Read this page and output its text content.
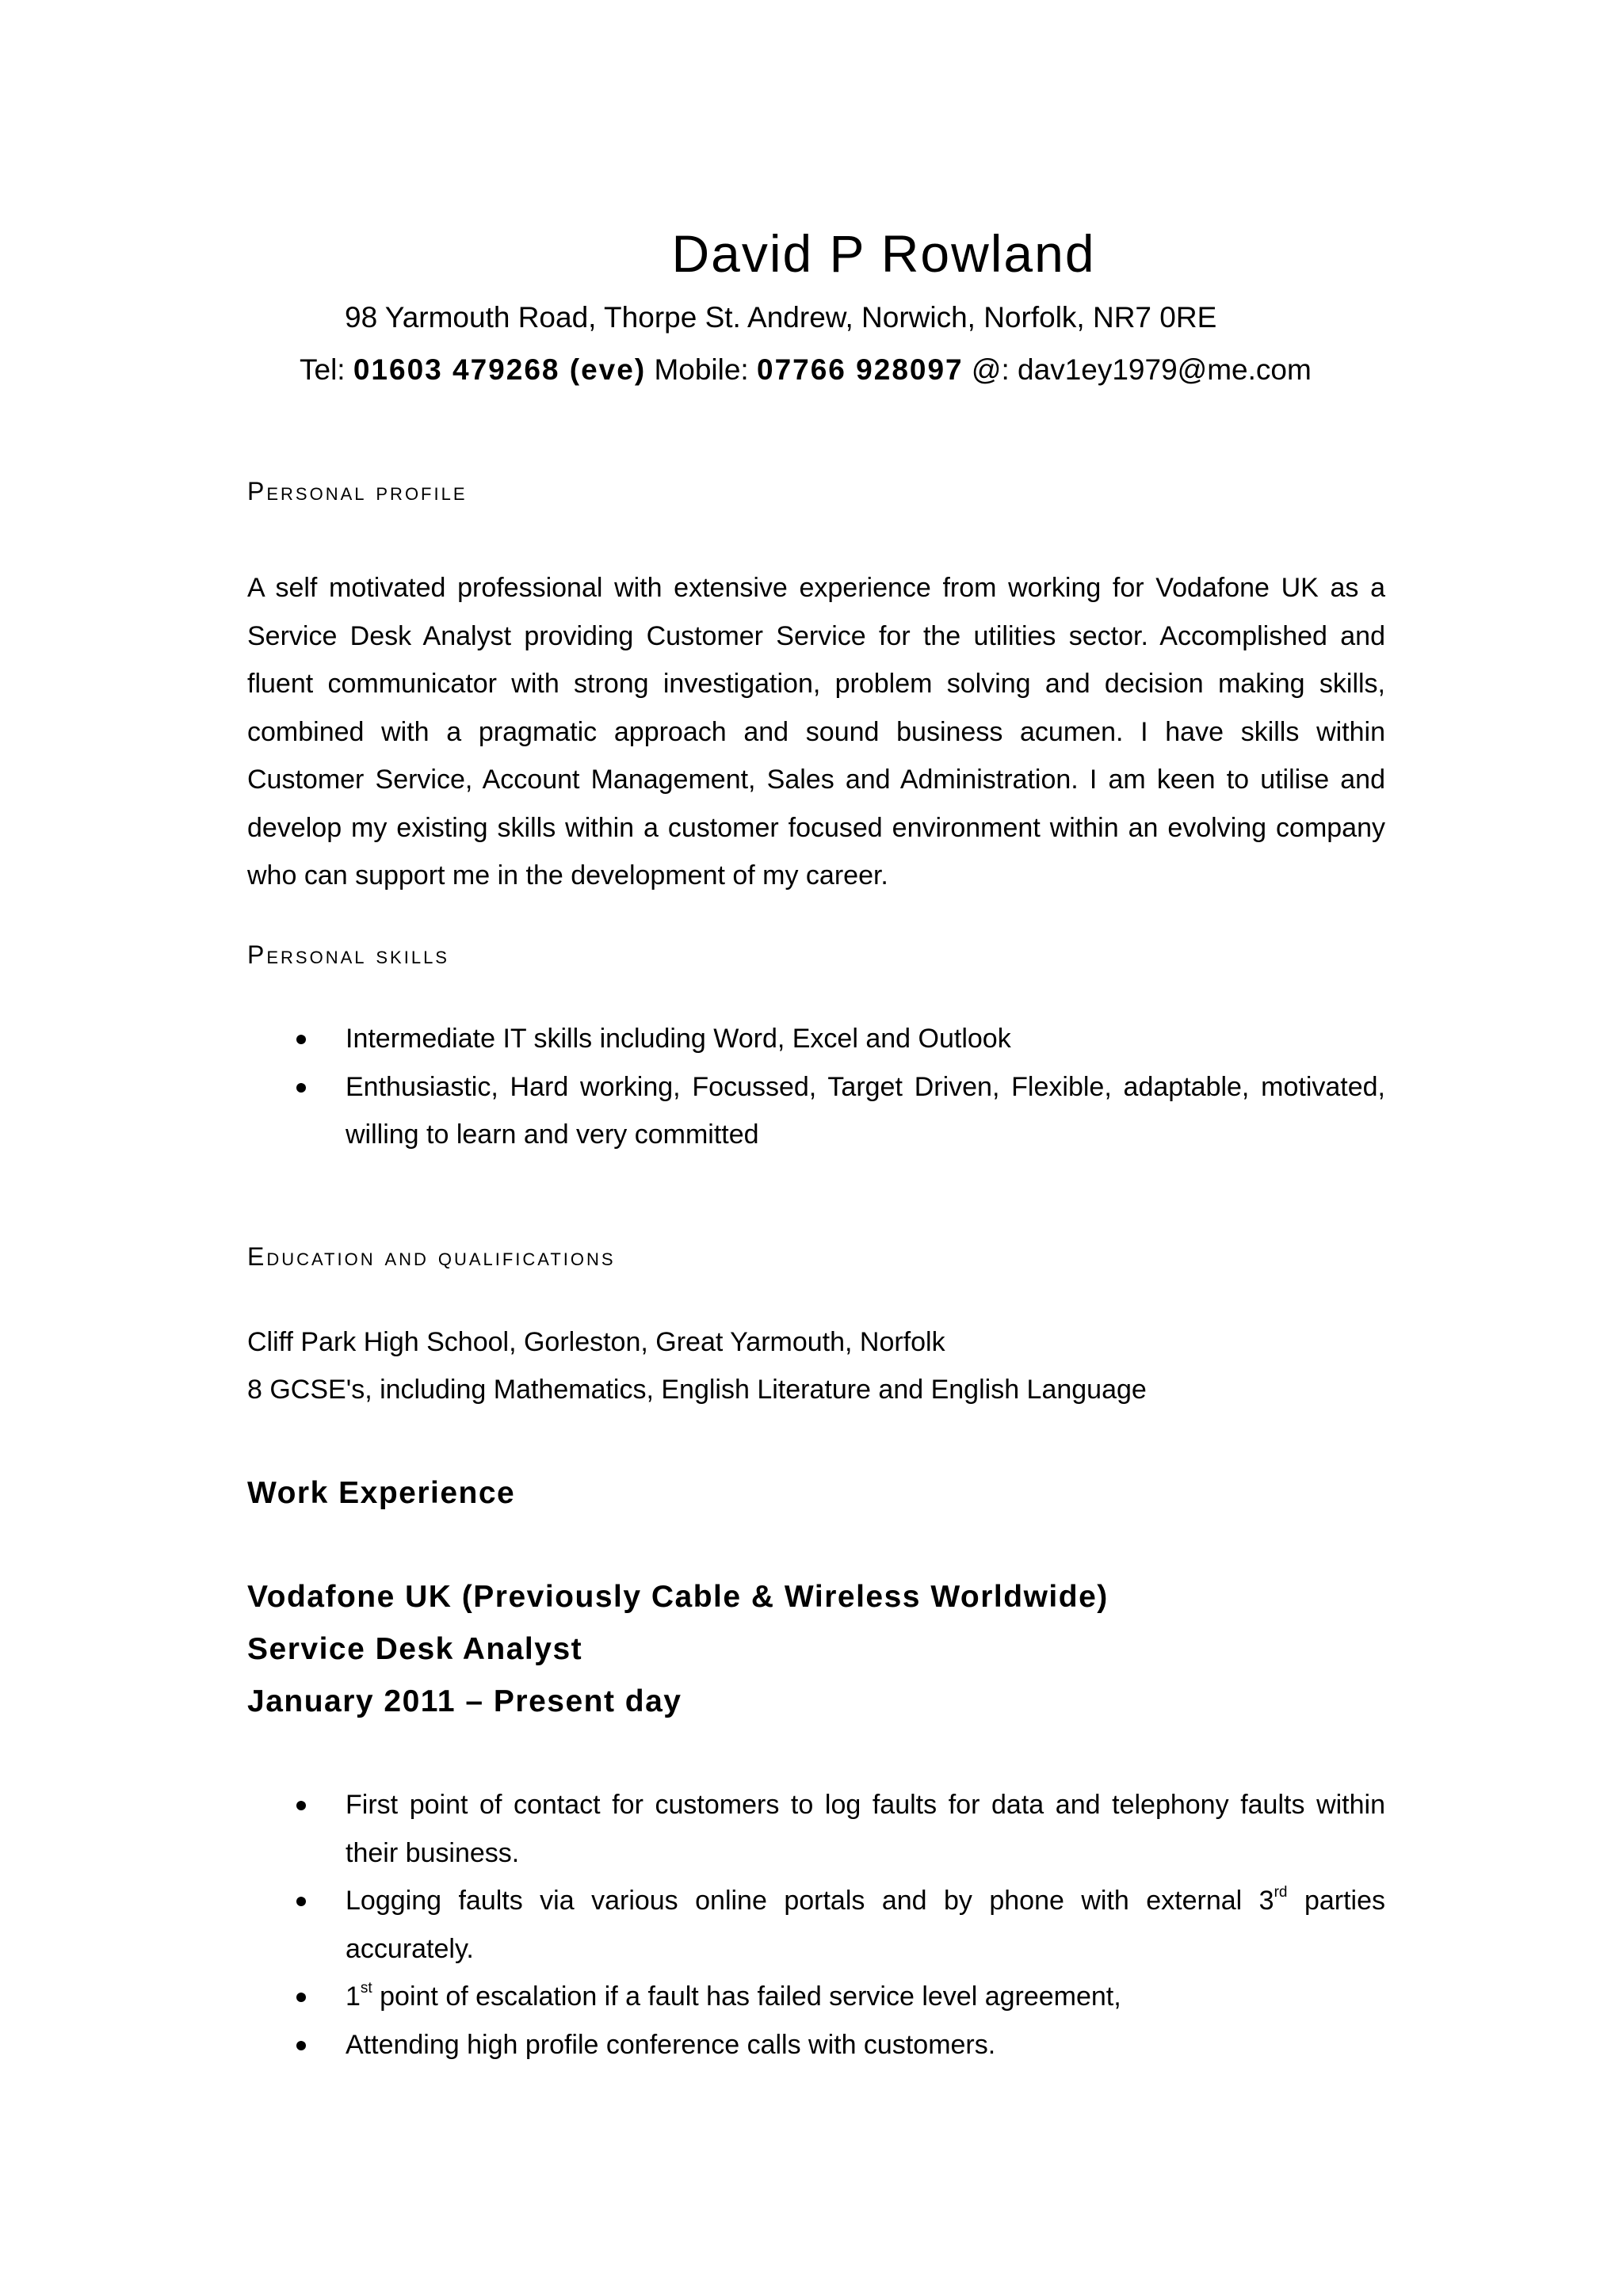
David P Rowland
98 Yarmouth Road, Thorpe St. Andrew, Norwich, Norfolk, NR7 0RE
Tel: 01603 479268 (eve) Mobile: 07766 928097 @: dav1ey1979@me.com
Personal profile
A self motivated professional with extensive experience from working for Vodafone UK as a Service Desk Analyst providing Customer Service for the utilities sector. Accomplished and fluent communicator with strong investigation, problem solving and decision making skills, combined with a pragmatic approach and sound business acumen. I have skills within Customer Service, Account Management, Sales and Administration. I am keen to utilise and develop my existing skills within a customer focused environment within an evolving company who can support me in the development of my career.
Personal skills
Intermediate IT skills including Word, Excel and Outlook
Enthusiastic, Hard working, Focussed, Target Driven, Flexible, adaptable, motivated, willing to learn and very committed
Education and qualifications
Cliff Park High School, Gorleston, Great Yarmouth, Norfolk
8 GCSE's, including Mathematics, English Literature and English Language
Work Experience
Vodafone UK (Previously Cable & Wireless Worldwide)
Service Desk Analyst
January 2011 – Present day
First point of contact for customers to log faults for data and telephony faults within their business.
Logging faults via various online portals and by phone with external 3rd parties accurately.
1st point of escalation if a fault has failed service level agreement,
Attending high profile conference calls with customers.
